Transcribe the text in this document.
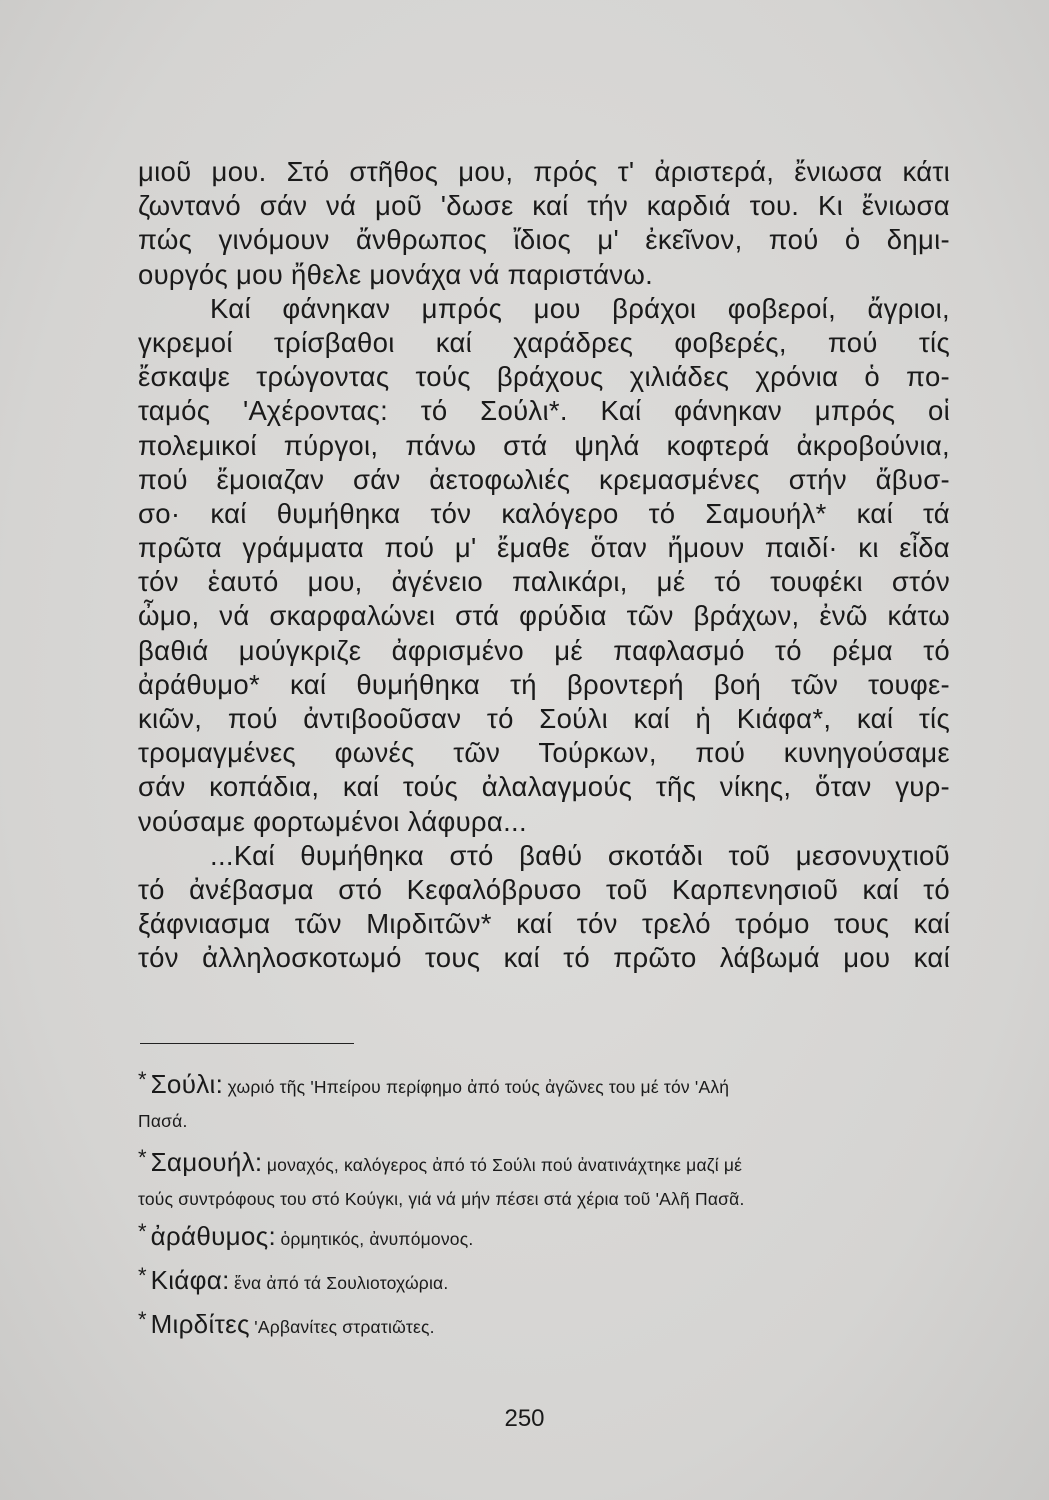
μιοῦ μου. Στό στῆθος μου, πρός τ' ἀριστερά, ἔνιωσα κάτι
ζωντανό σάν νά μοῦ 'δωσε καί τήν καρδιά του. Κι ἔνιωσα
πώς γινόμουν ἄνθρωπος ἴδιος μ' ἐκεῖνον, πού ὁ δημι-
ουργός μου ἤθελε μονάχα νά παριστάνω.
Καί φάνηκαν μπρός μου βράχοι φοβεροί, ἄγριοι,
γκρεμοί τρίσβαθοι καί χαράδρες φοβερές, πού τίς
ἔσκαψε τρώγοντας τούς βράχους χιλιάδες χρόνια ὁ πο-
ταμός 'Αχέροντας: τό Σούλι*. Καί φάνηκαν μπρός οἱ
πολεμικοί πύργοι, πάνω στά ψηλά κοφτερά ἀκροβούνια,
πού ἔμοιαζαν σάν ἀετοφωλιές κρεμασμένες στήν ἄβυσ-
σο· καί θυμήθηκα τόν καλόγερο τό Σαμουήλ* καί τά
πρῶτα γράμματα πού μ' ἔμαθε ὅταν ἤμουν παιδί· κι εἶδα
τόν ἑαυτό μου, ἀγένειο παλικάρι, μέ τό τουφέκι στόν
ὦμο, νά σκαρφαλώνει στά φρύδια τῶν βράχων, ἐνῶ κάτω
βαθιά μούγκριζε ἀφρισμένο μέ παφλασμό τό ρέμα τό
ἀράθυμο* καί θυμήθηκα τή βροντερή βοή τῶν τουφε-
κιῶν, πού ἀντιβοοῦσαν τό Σούλι καί ἡ Κιάφα*, καί τίς
τρομαγμένες φωνές τῶν Τούρκων, πού κυνηγούσαμε
σάν κοπάδια, καί τούς ἀλαλαγμούς τῆς νίκης, ὅταν γυρ-
νούσαμε φορτωμένοι λάφυρα...
...Καί θυμήθηκα στό βαθύ σκοτάδι τοῦ μεσονυχτιοῦ
τό ἀνέβασμα στό Κεφαλόβρυσο τοῦ Καρπενησιοῦ καί τό
ξάφνιασμα τῶν Μιρδιτῶν* καί τόν τρελό τρόμο τους καί
τόν ἀλληλοσκοτωμό τους καί τό πρῶτο λάβωμά μου καί
* Σούλι: χωριό τῆς 'Ηπείρου περίφημο ἀπό τούς ἀγῶνες του μέ τόν 'Αλή
Πασά.
* Σαμουήλ: μοναχός, καλόγερος ἀπό τό Σούλι πού ἀνατινάχτηκε μαζί μέ
τούς συντρόφους του στό Κούγκι, γιά νά μήν πέσει στά χέρια τοῦ 'Αλῆ Πασᾶ.
* ἀράθυμος: ὁρμητικός, ἀνυπόμονος.
* Κιάφα: ἕνα ἀπό τά Σουλιοτοχώρια.
* Μιρδίτες 'Αρβανίτες στρατιῶτες.
250
